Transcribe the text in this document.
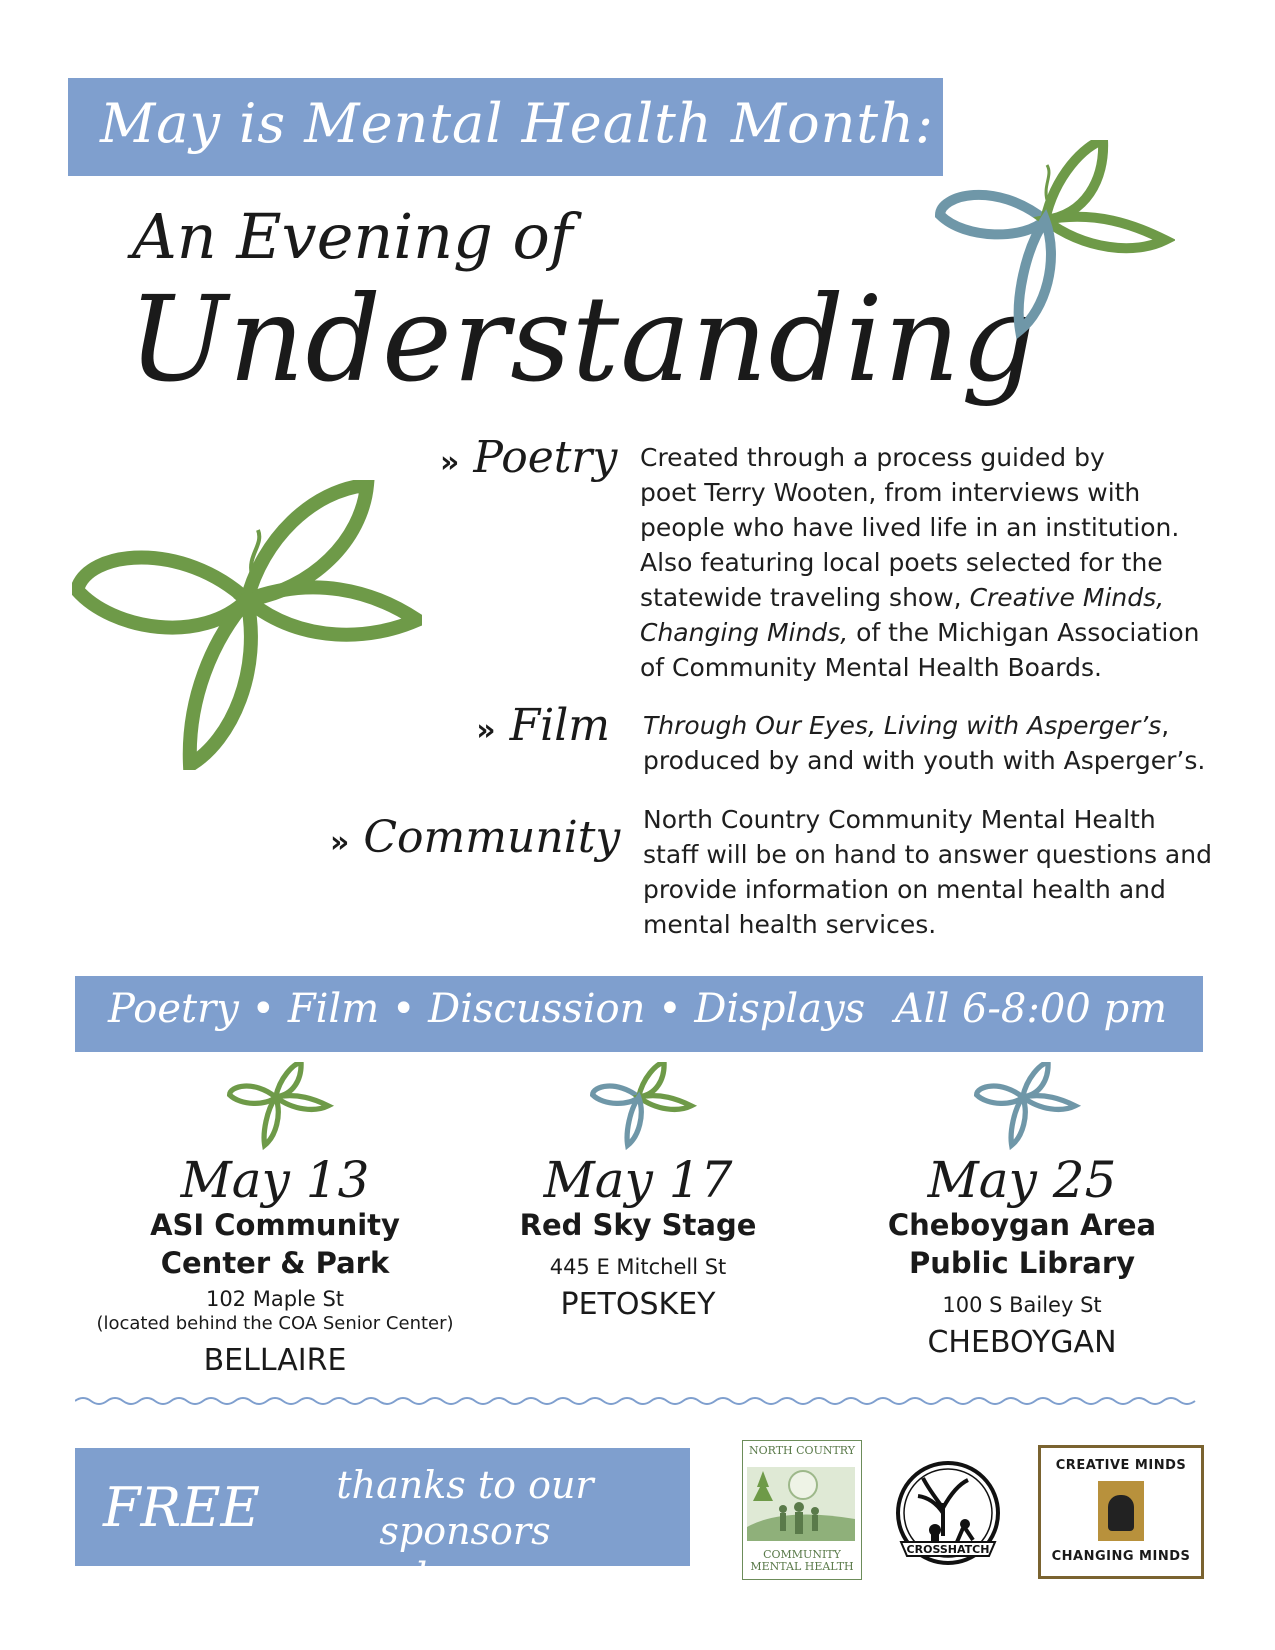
May is Mental Health Month:
An Evening of
Understanding
» Poetry Created through a process guided by
poet Terry Wooten, from interviews with
people who have lived life in an institution.
Also featuring local poets selected for the
statewide traveling show, Creative Minds,
Changing Minds, of the Michigan Association
of Community Mental Health Boards.
» Film Through Our Eyes, Living with Asperger’s,
produced by and with youth with Asperger’s.
» Community North Country Community Mental Health
staff will be on hand to answer questions and
provide information on mental health and
mental health services.
Poetry • Film • Discussion • Displays All 6-8:00 pm
May 13
ASI Community
Center & Park
102 Maple St
(located behind the COA Senior Center)
BELLAIRE
May 17
Red Sky Stage
445 E Mitchell St
PETOSKEY
May 25
Cheboygan Area
Public Library
100 S Bailey St
CHEBOYGAN
FREE	thanks to our sponsors
and venues
NORTH COUNTRY
COMMUNITY
MENTAL HEALTH
CROSSHATCH
CREATIVE MINDS
CHANGING MINDS
